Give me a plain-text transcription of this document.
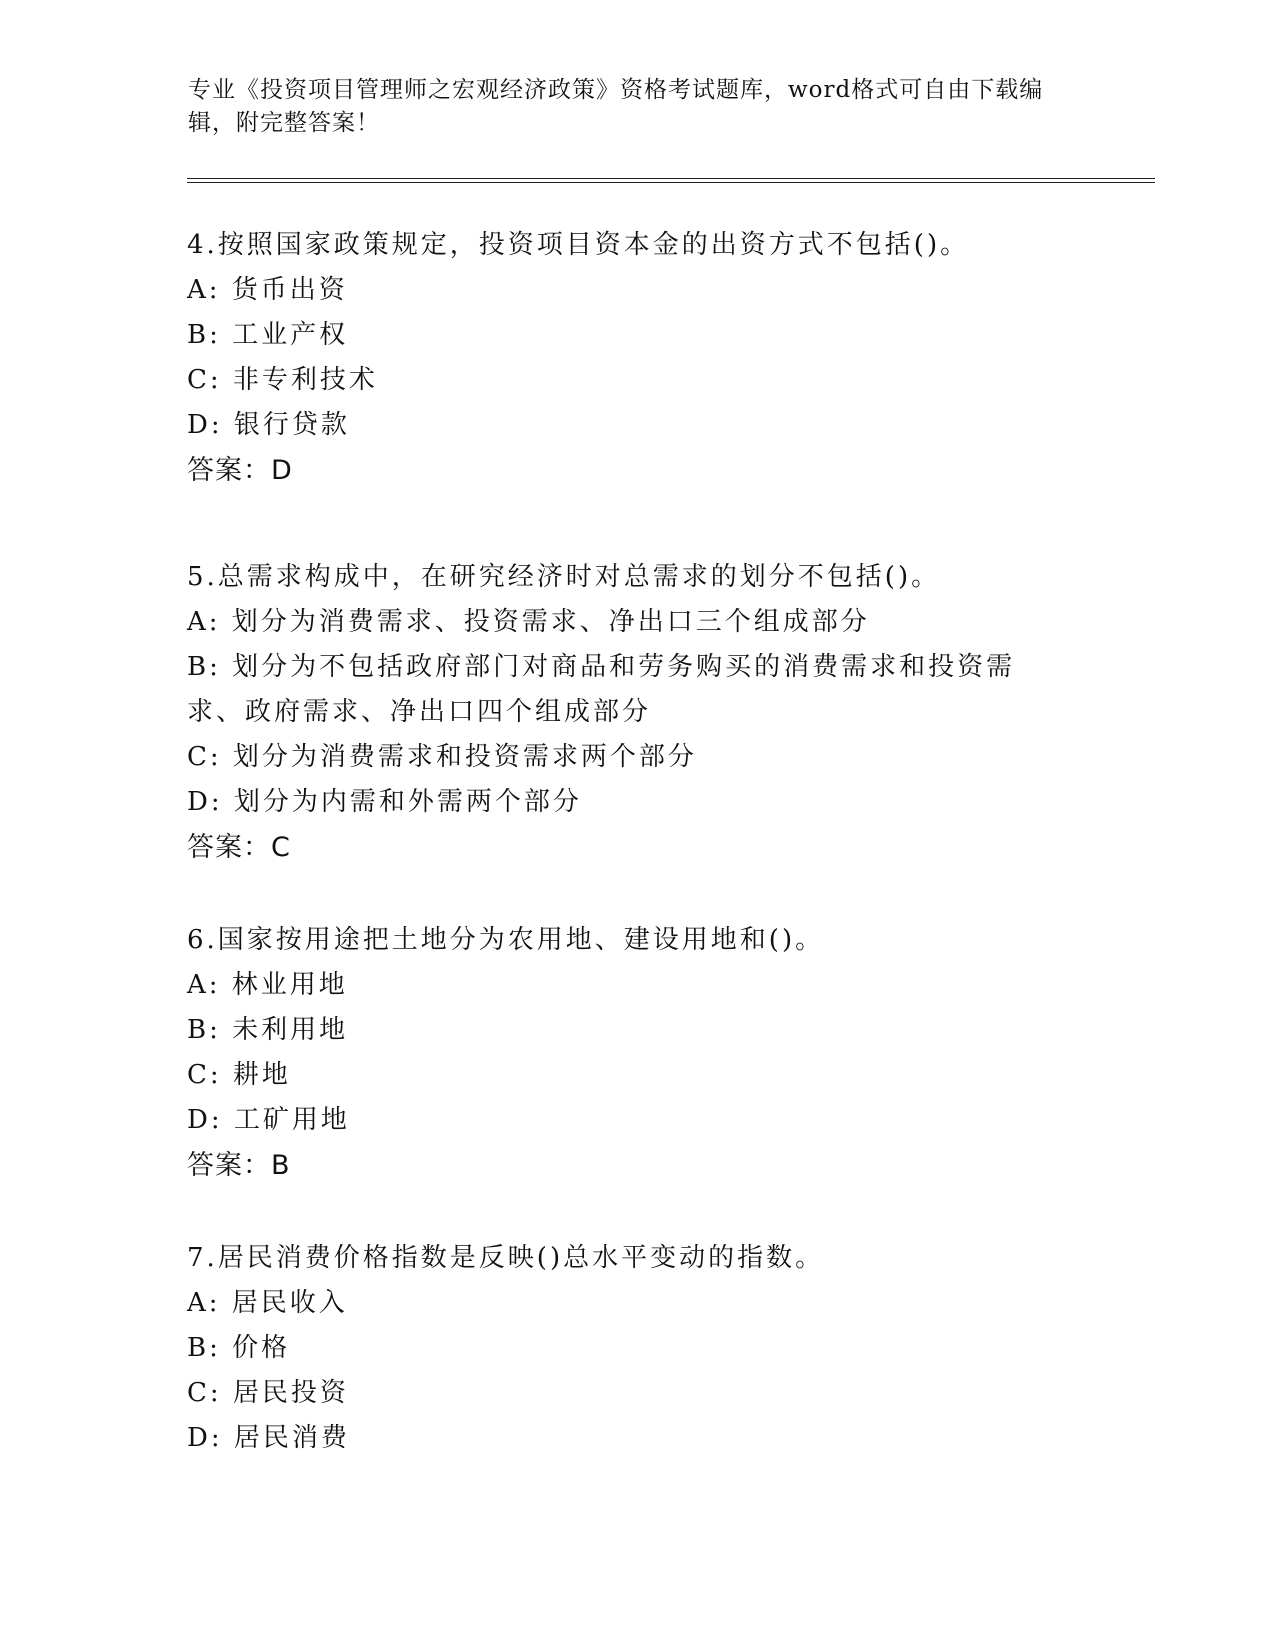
专业《投资项目管理师之宏观经济政策》资格考试题库，word格式可自由下载编辑，附完整答案！

4.按照国家政策规定，投资项目资本金的出资方式不包括()。

A: 货币出资

B: 工业产权

C: 非专利技术

D: 银行贷款

答案：D

5.总需求构成中，在研究经济时对总需求的划分不包括()。

A: 划分为消费需求、投资需求、净出口三个组成部分

B: 划分为不包括政府部门对商品和劳务购买的消费需求和投资需求、政府需求、净出口四个组成部分

C: 划分为消费需求和投资需求两个部分

D: 划分为内需和外需两个部分

答案：C

6.国家按用途把土地分为农用地、建设用地和()。

A: 林业用地

B: 未利用地

C: 耕地

D: 工矿用地

答案：B

7.居民消费价格指数是反映()总水平变动的指数。

A: 居民收入

B: 价格

C: 居民投资

D: 居民消费
